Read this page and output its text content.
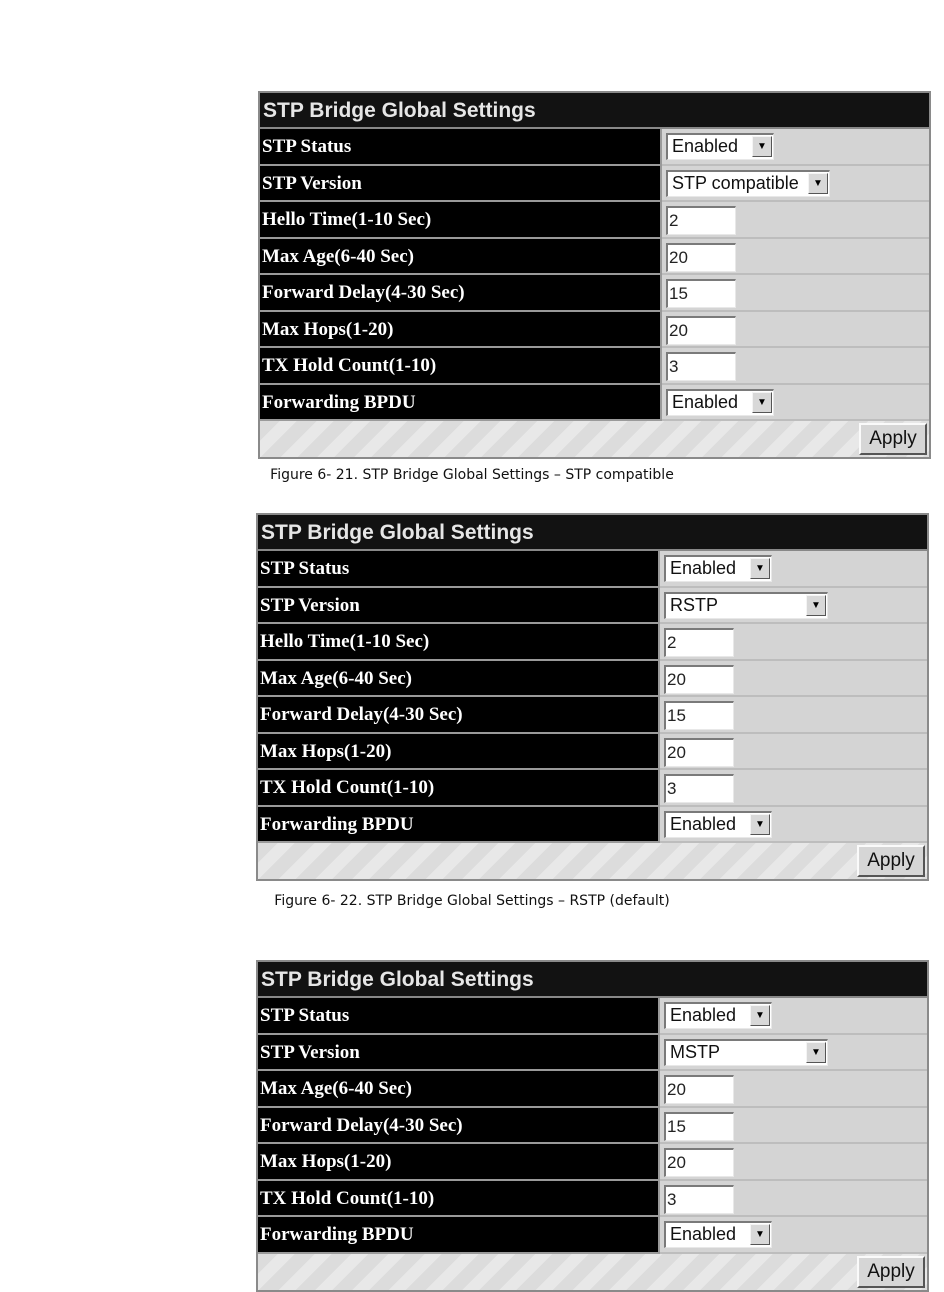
STP Bridge Global Settings
STP Status	Enabled	▼
STP Version	STP compatible	▼
Hello Time(1-10 Sec)	2
Max Age(6-40 Sec)	20
Forward Delay(4-30 Sec)	15
Max Hops(1-20)	20
TX Hold Count(1-10)	3
Forwarding BPDU	Enabled	▼
Apply
Figure 6- 21. STP Bridge Global Settings – STP compatible
STP Bridge Global Settings
STP Status	Enabled	▼
STP Version	RSTP	▼
Hello Time(1-10 Sec)	2
Max Age(6-40 Sec)	20
Forward Delay(4-30 Sec)	15
Max Hops(1-20)	20
TX Hold Count(1-10)	3
Forwarding BPDU	Enabled	▼
Apply
Figure 6- 22. STP Bridge Global Settings – RSTP (default)
STP Bridge Global Settings
STP Status	Enabled	▼
STP Version	MSTP	▼
Max Age(6-40 Sec)	20
Forward Delay(4-30 Sec)	15
Max Hops(1-20)	20
TX Hold Count(1-10)	3
Forwarding BPDU	Enabled	▼
Apply
